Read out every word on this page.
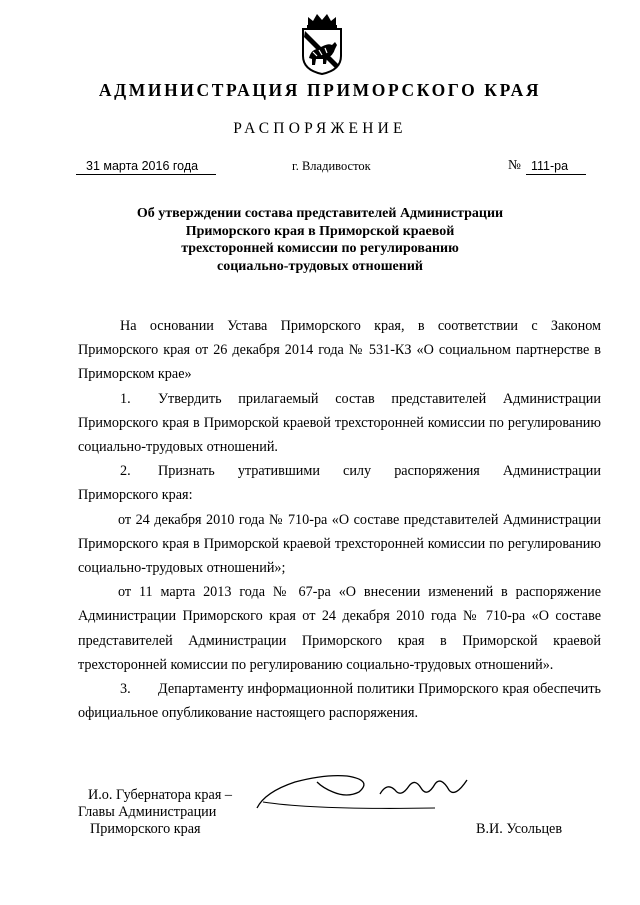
АДМИНИСТРАЦИЯ ПРИМОРСКОГО КРАЯ
РАСПОРЯЖЕНИЕ
31 марта 2016 года	г. Владивосток	№ 111-ра
Об утверждении состава представителей Администрации
Приморского края в Приморской краевой
трехсторонней комиссии по регулированию
социально-трудовых отношений

На основании Устава Приморского края, в соответствии с Законом Приморского края от 26 декабря 2014 года № 531-КЗ «О социальном партнерстве в Приморском крае»

1. Утвердить прилагаемый состав представителей Администрации Приморского края в Приморской краевой трехсторонней комиссии по регулированию социально-трудовых отношений.

2. Признать утратившими силу распоряжения Администрации Приморского края:

от 24 декабря 2010 года № 710-ра «О составе представителей Администрации Приморского края в Приморской краевой трехсторонней комиссии по регулированию социально-трудовых отношений»;

от 11 марта 2013 года № 67-ра «О внесении изменений в распоряжение Администрации Приморского края от 24 декабря 2010 года № 710-ра «О составе представителей Администрации Приморского края в Приморской краевой трехсторонней комиссии по регулированию социально-трудовых отношений».

3. Департаменту информационной политики Приморского края обеспечить официальное опубликование настоящего распоряжения.

И.о. Губернатора края –
Главы Администрации
Приморского края	В.И. Усольцев
